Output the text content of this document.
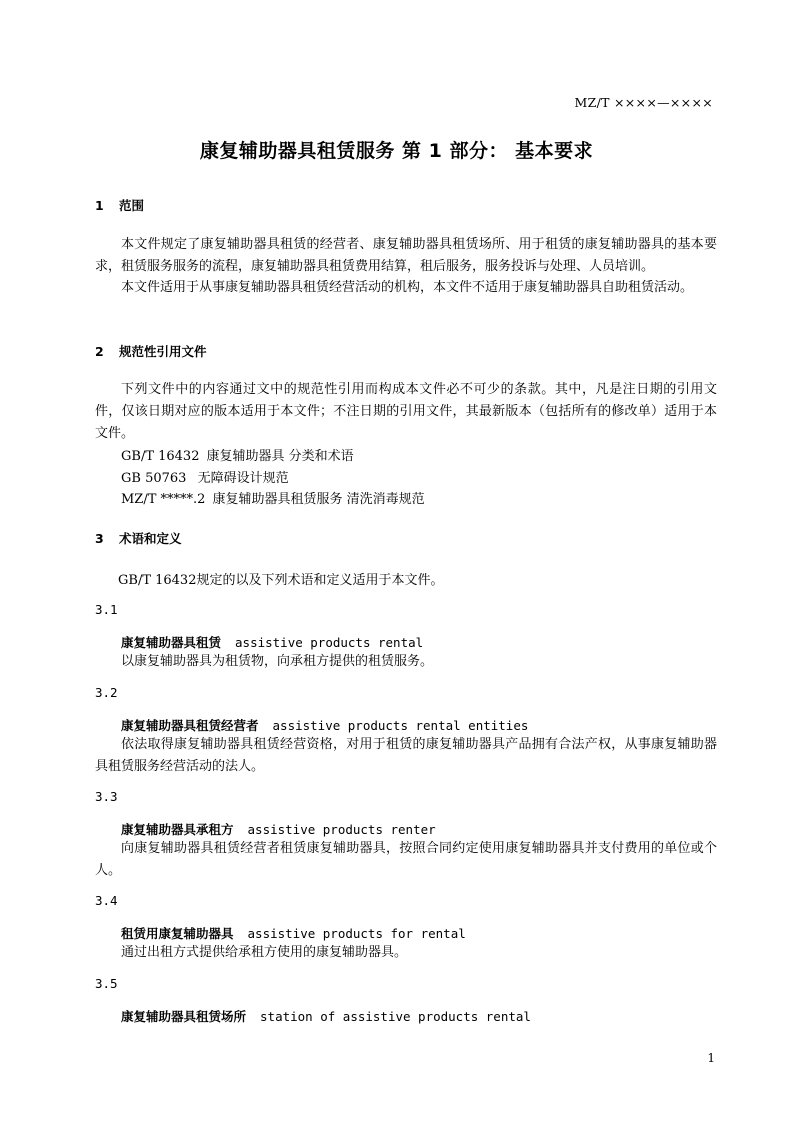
MZ/T ××××—××××
康复辅助器具租赁服务 第 1 部分： 基本要求
1 范围
本文件规定了康复辅助器具租赁的经营者、康复辅助器具租赁场所、用于租赁的康复辅助器具的基本要求，租赁服务服务的流程，康复辅助器具租赁费用结算，租后服务，服务投诉与处理、人员培训。
本文件适用于从事康复辅助器具租赁经营活动的机构，本文件不适用于康复辅助器具自助租赁活动。
2 规范性引用文件
下列文件中的内容通过文中的规范性引用而构成本文件必不可少的条款。其中，凡是注日期的引用文件，仅该日期对应的版本适用于本文件；不注日期的引用文件，其最新版本（包括所有的修改单）适用于本文件。
GB/T 16432 康复辅助器具 分类和术语
GB 50763 无障碍设计规范
MZ/T *****.2 康复辅助器具租赁服务 清洗消毒规范
3 术语和定义
GB/T 16432规定的以及下列术语和定义适用于本文件。
3.1
康复辅助器具租赁 assistive products rental
以康复辅助器具为租赁物，向承租方提供的租赁服务。
3.2
康复辅助器具租赁经营者 assistive products rental entities
依法取得康复辅助器具租赁经营资格，对用于租赁的康复辅助器具产品拥有合法产权，从事康复辅助器具租赁服务经营活动的法人。
3.3
康复辅助器具承租方 assistive products renter
向康复辅助器具租赁经营者租赁康复辅助器具，按照合同约定使用康复辅助器具并支付费用的单位或个人。
3.4
租赁用康复辅助器具 assistive products for rental
通过出租方式提供给承租方使用的康复辅助器具。
3.5
康复辅助器具租赁场所 station of assistive products rental
1
